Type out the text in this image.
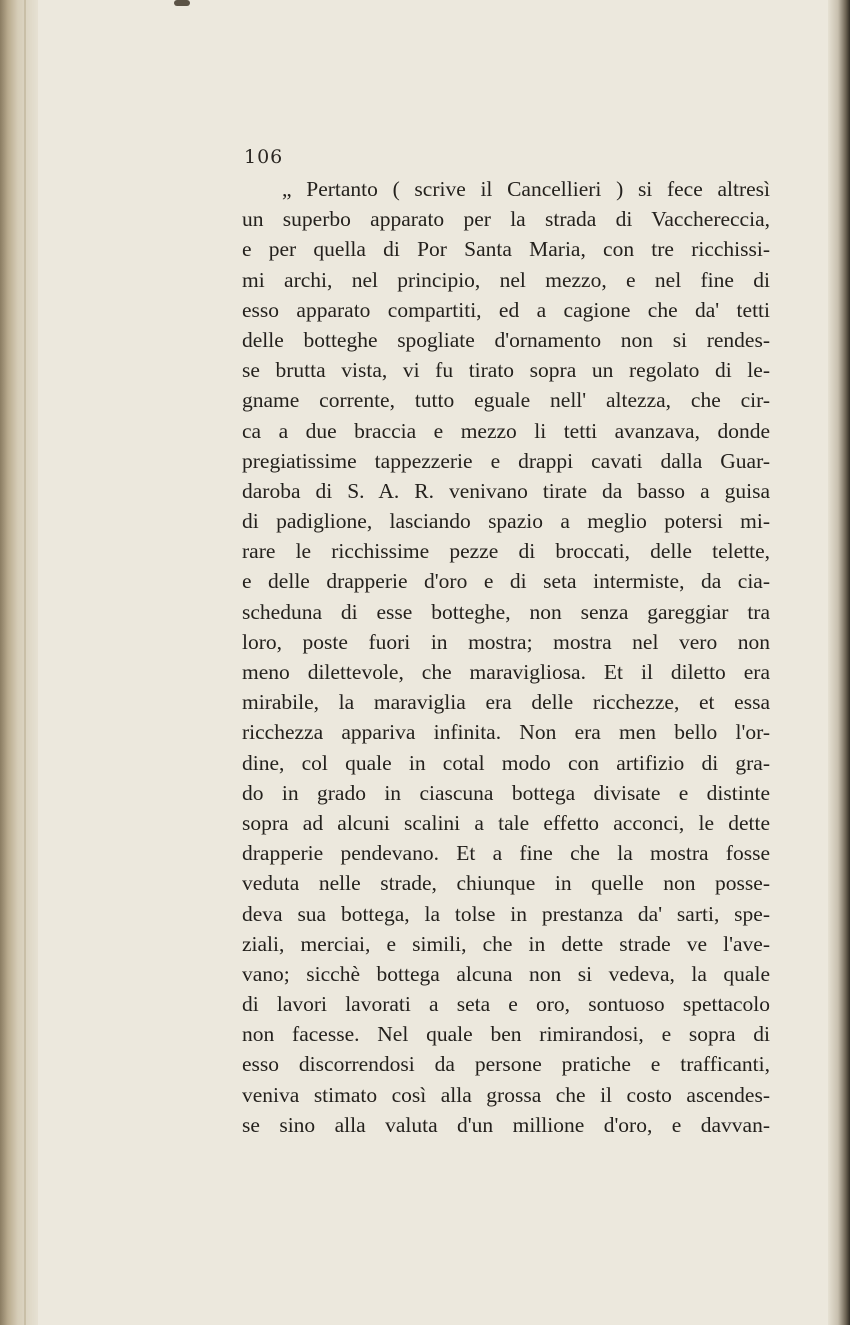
106
„ Pertanto ( scrive il Cancellieri ) si fece altresì
un superbo apparato per la strada di Vacchereccia,
e per quella di Por Santa Maria, con tre ricchissi-
mi archi, nel principio, nel mezzo, e nel fine di
esso apparato compartiti, ed a cagione che da' tetti
delle botteghe spogliate d'ornamento non si rendes-
se brutta vista, vi fu tirato sopra un regolato di le-
gname corrente, tutto eguale nell' altezza, che cir-
ca a due braccia e mezzo li tetti avanzava, donde
pregiatissime tappezzerie e drappi cavati dalla Guar-
daroba di S. A. R. venivano tirate da basso a guisa
di padiglione, lasciando spazio a meglio potersi mi-
rare le ricchissime pezze di broccati, delle telette,
e delle drapperie d'oro e di seta intermiste, da cia-
scheduna di esse botteghe, non senza gareggiar tra
loro, poste fuori in mostra; mostra nel vero non
meno dilettevole, che maravigliosa. Et il diletto era
mirabile, la maraviglia era delle ricchezze, et essa
ricchezza appariva infinita. Non era men bello l'or-
dine, col quale in cotal modo con artifizio di gra-
do in grado in ciascuna bottega divisate e distinte
sopra ad alcuni scalini a tale effetto acconci, le dette
drapperie pendevano. Et a fine che la mostra fosse
veduta nelle strade, chiunque in quelle non posse-
deva sua bottega, la tolse in prestanza da' sarti, spe-
ziali, merciai, e simili, che in dette strade ve l'ave-
vano; sicchè bottega alcuna non si vedeva, la quale
di lavori lavorati a seta e oro, sontuoso spettacolo
non facesse. Nel quale ben rimirandosi, e sopra di
esso discorrendosi da persone pratiche e trafficanti,
veniva stimato così alla grossa che il costo ascendes-
se sino alla valuta d'un millione d'oro, e davvan-
